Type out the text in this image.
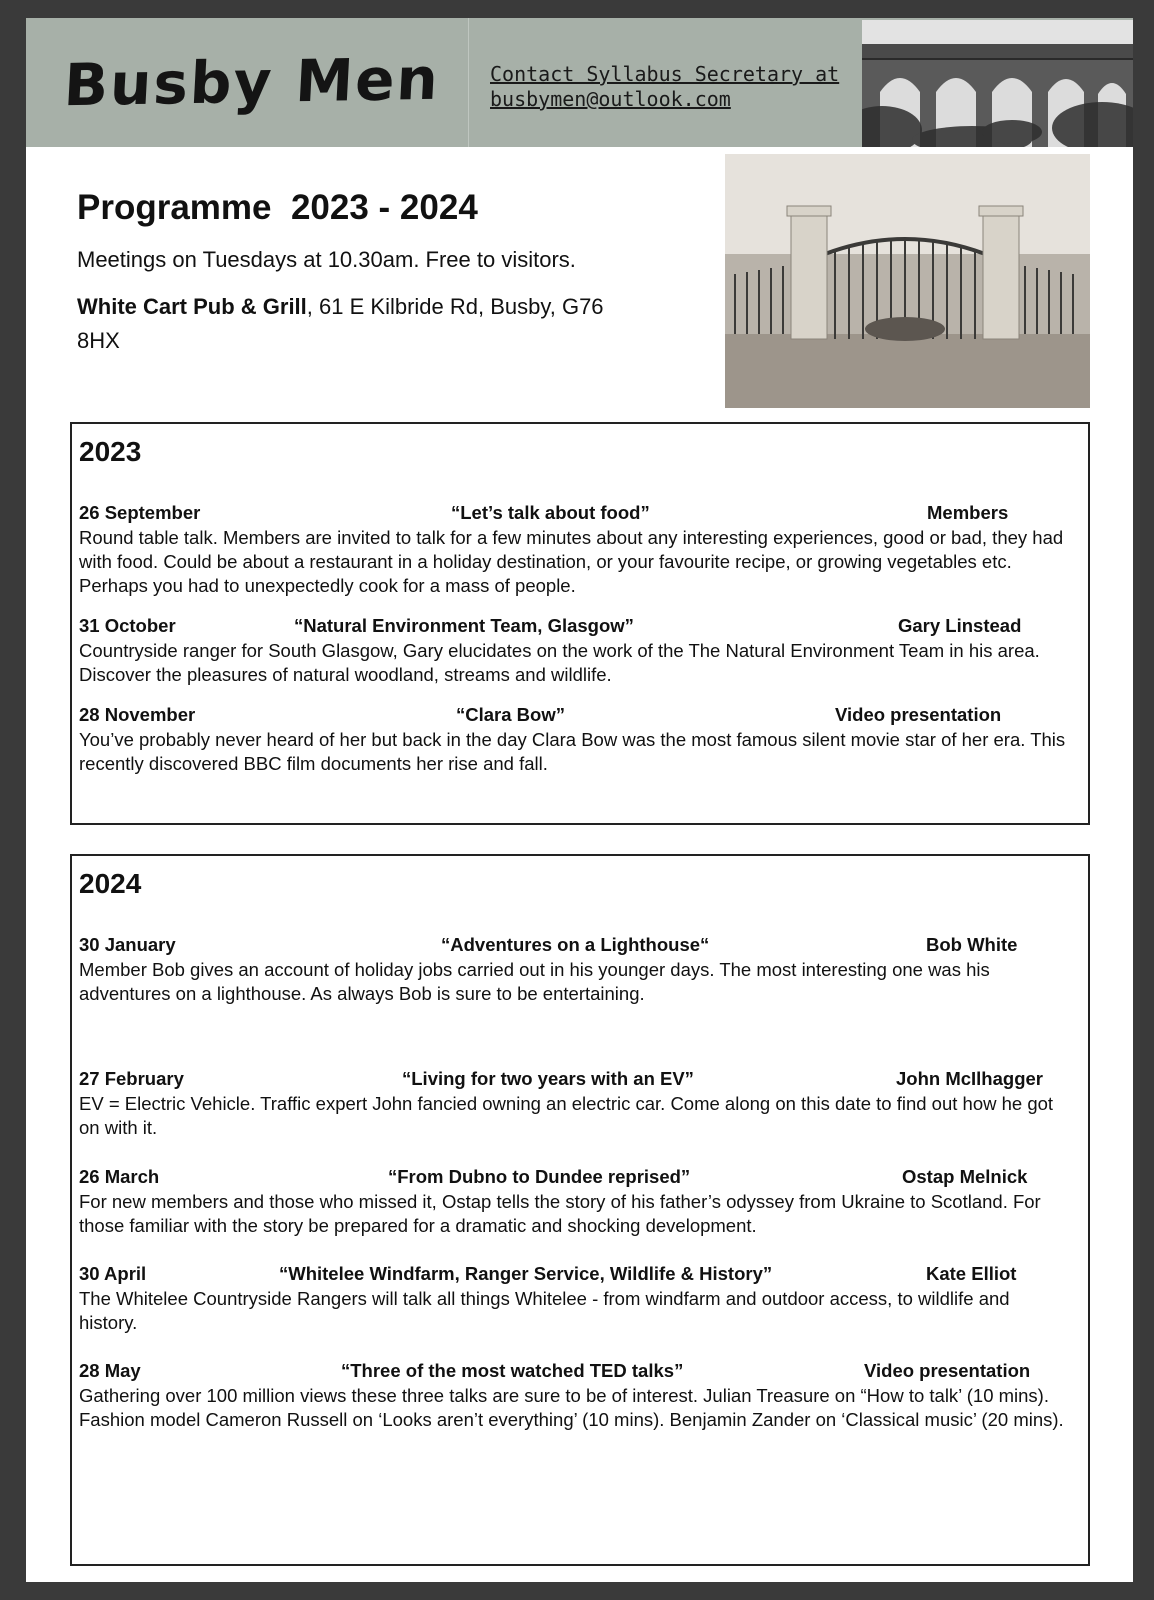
Busby Men Contact Syllabus Secretary at
busbymen@outlook.com
Programme  2023 - 2024
Meetings on Tuesdays at 10.30am. Free to visitors.
White Cart Pub & Grill, 61 E Kilbride Rd, Busby, G76 8HX
2023
26 September	“Let’s talk about food”	Members
Round table talk. Members are invited to talk for a few minutes about any interesting experiences, good or bad, they had with food. Could be about a restaurant in a holiday destination, or your favourite recipe, or growing vegetables etc. Perhaps you had to unexpectedly cook for a mass of people.
31 October	“Natural Environment Team, Glasgow”	Gary Linstead
Countryside ranger for South Glasgow, Gary elucidates on the work of the The Natural Environment Team in his area. Discover the pleasures of natural woodland, streams and wildlife.
28 November	“Clara Bow”	Video presentation
You’ve probably never heard of her but back in the day Clara Bow was the most famous silent movie star of her era. This recently discovered BBC film documents her rise and fall.
2024
30 January	“Adventures on a Lighthouse“	Bob White
Member Bob gives an account of holiday jobs carried out in his younger days. The most interesting one was his adventures on a lighthouse. As always Bob is sure to be entertaining.
27 February	“Living for two years with an EV”	John McIlhagger
EV = Electric Vehicle. Traffic expert John fancied owning an electric car. Come along on this date to find out how he got on with it.
26 March	“From Dubno to Dundee reprised”	Ostap Melnick
For new members and those who missed it, Ostap tells the story of his father’s odyssey from Ukraine to Scotland. For those familiar with the story be prepared for a dramatic and shocking development.
30 April	“Whitelee Windfarm, Ranger Service, Wildlife & History”	Kate Elliot
The Whitelee Countryside Rangers will talk all things Whitelee - from windfarm and outdoor access, to wildlife and history.
28 May	“Three of the most watched TED talks”	Video presentation
Gathering over 100 million views these three talks are sure to be of interest. Julian Treasure on “How to talk’ (10 mins). Fashion model Cameron Russell on ‘Looks aren’t everything’ (10 mins). Benjamin Zander on ‘Classical music’ (20 mins).
